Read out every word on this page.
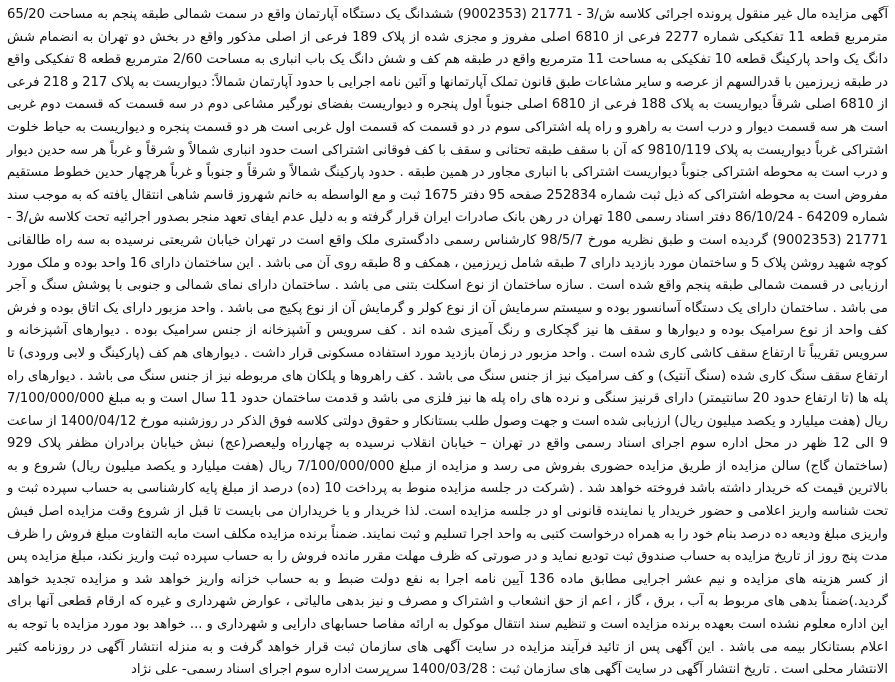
آگهی مزایده مال غیر منقول پرونده اجرائی کلاسه ش/3 - 21771 (9002353) ششدانگ یک دستگاه آپارتمان واقع در سمت شمالی طبقه پنجم به مساحت 65/20 مترمربع قطعه 11 تفکیکی شماره 2277 فرعی از 6810 اصلی مفروز و مجزی شده از پلاک 189 فرعی از اصلی مذکور واقع در بخش دو تهران به انضمام شش دانگ یک واحد پارکینگ قطعه 10 تفکیکی به مساحت 11 مترمربع واقع در طبقه هم کف و شش دانگ یک باب انباری به مساحت 2/60 مترمربع قطعه 8 تفکیکی واقع در طبقه زیرزمین با قدرالسهم از عرصه و سایر مشاعات طبق قانون تملک آپارتمانها و آئین نامه اجرایی با حدود آپارتمان شمالاً: دیواریست به پلاک 217 و 218 فرعی از 6810 اصلی شرقاً دیواریست به پلاک 188 فرعی از 6810 اصلی جنوباً اول پنجره و دیواریست بفضای نورگیر مشاعی دوم در سه قسمت که قسمت دوم غربی است هر سه قسمت دیوار و درب است به راهرو و راه پله اشتراکی سوم در دو قسمت که قسمت اول غربی است هر دو قسمت پنجره و دیواریست به حیاط خلوت اشتراکی غرباً دیواریست به پلاک 9810/119 که آن با سقف طبقه تحتانی و سقف با کف فوقانی اشتراکی است حدود انباری شمالاً و شرقاً و غرباً هر سه حدین دیوار و درب است به محوطه اشتراکی جنوباً دیواریست اشتراکی با انباری مجاور در همین طبقه . حدود پارکینگ شمالاً و شرقاً و جنوباً و غرباً هرچهار حدین خطوط مستقیم مفروض است به محوطه اشتراکی که ذیل ثبت شماره 252834 صفحه 95 دفتر 1675 ثبت و مع الواسطه به خانم شهروز قاسم شاهی انتقال یافته که به موجب سند شماره 64209 - 86/10/24 دفتر اسناد رسمی 180 تهران در رهن بانک صادرات ایران قرار گرفته و به دلیل عدم ایفای تعهد منجر بصدور اجرائیه تحت کلاسه ش/3 - 21771 (9002353) گردیده است و طبق نظریه مورخ 98/5/7 کارشناس رسمی دادگستری ملک واقع است در تهران خیابان شریعتی نرسیده به سه راه طالقانی کوچه شهید روشن پلاک 5 و ساختمان مورد بازدید دارای 7 طبقه شامل زیرزمین ، همکف و 8 طبقه روی آن می باشد . این ساختمان دارای 16 واحد بوده و ملک مورد ارزیابی در قسمت شمالی طبقه پنجم واقع شده است . سازه ساختمان از نوع اسکلت بتنی می باشد . ساختمان دارای نمای شمالی و جنوبی با پوشش سنگ و آجر می باشد . ساختمان دارای یک دستگاه آسانسور بوده و سیستم سرمایش آن از نوع کولر و گرمایش آن از نوع پکیج می باشد . واحد مزبور دارای یک اتاق بوده و فرش کف واحد از نوع سرامیک بوده و دیوارها و سقف ها نیز گچکاری و رنگ آمیزی شده اند . کف سرویس و آشپزخانه از جنس سرامیک بوده . دیوارهای آشپزخانه و سرویس تقریباً تا ارتفاع سقف کاشی کاری شده است . واحد مزبور در زمان بازدید مورد استفاده مسکونی قرار داشت . دیوارهای هم کف (پارکینگ و لابی ورودی) تا ارتفاع سقف سنگ کاری شده (سنگ آنتیک) و کف سرامیک نیز از جنس سنگ می باشد . کف راهروها و پلکان های مربوطه نیز از جنس سنگ می باشد . دیوارهای راه پله ها (تا ارتفاع حدود 20 سانتیمتر) دارای قرنیز سنگی و نرده های راه پله ها نیز فلزی می باشد و قدمت ساختمان حدود 11 سال است و به مبلغ 7/100/000/000 ریال (هفت میلیارد و یکصد میلیون ریال) ارزیابی شده است و جهت وصول طلب بستانکار و حقوق دولتی کلاسه فوق الذکر در روزشنبه مورخ 1400/04/12 از ساعت 9 الی 12 ظهر در محل اداره سوم اجرای اسناد رسمی واقع در تهران – خیابان انقلاب نرسیده به چهارراه ولیعصر(عج) نبش خیابان برادران مظفر پلاک 929 (ساختمان گاج) سالن مزایده از طریق مزایده حضوری بفروش می رسد و مزایده از مبلغ 7/100/000/000 ریال (هفت میلیارد و یکصد میلیون ریال) شروع و به بالاترین قیمت که خریدار داشته باشد فروخته خواهد شد . (شرکت در جلسه مزایده منوط به پرداخت 10 (ده) درصد از مبلغ پایه کارشناسی به حساب سپرده ثبت و تحت شناسه واریز اعلامی و حضور خریدار یا نماینده قانونی او در جلسه مزایده است. لذا خریدار و یا خریداران می بایست تا قبل از شروع وقت مزایده اصل فیش واریزی مبلغ ودیعه ده درصد بنام خود را به همراه درخواست کتبی به واحد اجرا تسلیم و ثبت نمایند. ضمناً برنده مزایده مکلف است مابه التفاوت مبلغ فروش را ظرف مدت پنج روز از تاریخ مزایده به حساب صندوق ثبت تودیع نماید و در صورتی که ظرف مهلت مقرر مانده فروش را به حساب سپرده ثبت واریز نکند، مبلغ مزایده پس از کسر هزینه های مزایده و نیم عشر اجرایی مطابق ماده 136 آیین نامه اجرا به نفع دولت ضبط و به حساب خزانه واریز خواهد شد و مزایده تجدید خواهد گردید.)ضمناً بدهی های مربوط به آب ، برق ، گاز ، اعم از حق انشعاب و اشتراک و مصرف و نیز بدهی مالیاتی ، عوارض شهرداری و غیره که ارقام قطعی آنها برای این اداره معلوم نشده است بعهده برنده مزایده است و تنظیم سند انتقال موکول به ارائه مفاصا حسابهای دارایی و شهرداری و ... خواهد بود مورد مزایده با توجه به اعلام بستانکار بیمه می باشد . این آگهی پس از تائید فرآیند مزایده در سایت آگهی های سازمان ثبت قرار خواهد گرفت و به منزله انتشار آگهی در روزنامه کثیر الانتشار محلی است . تاریخ انتشار آگهی در سایت آگهی های سازمان ثبت : 1400/03/28 سرپرست اداره سوم اجرای اسناد رسمی- علی نژاد
